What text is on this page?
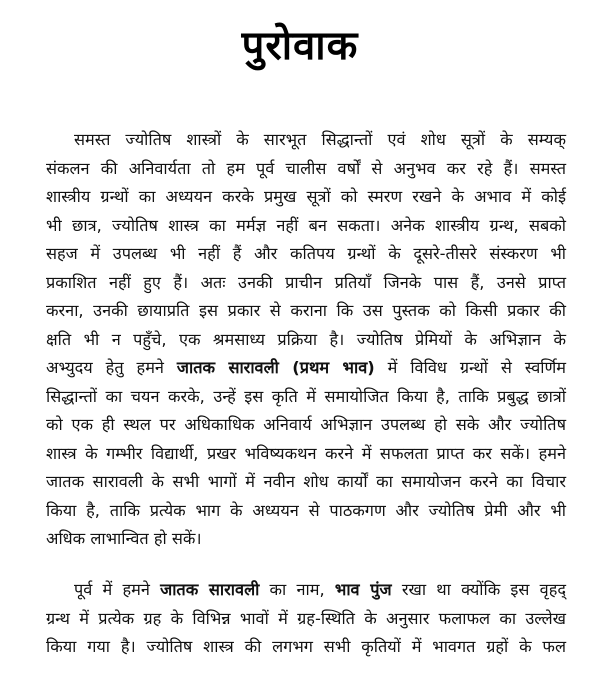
पुरोवाक
समस्त ज्योतिष शास्त्रों के सारभूत सिद्धान्तों एवं शोध सूत्रों के सम्यक्
संकलन की अनिवार्यता तो हम पूर्व चालीस वर्षों से अनुभव कर रहे हैं। समस्त
शास्त्रीय ग्रन्थों का अध्ययन करके प्रमुख सूत्रों को स्मरण रखने के अभाव में कोई
भी छात्र, ज्योतिष शास्त्र का मर्मज्ञ नहीं बन सकता। अनेक शास्त्रीय ग्रन्थ, सबको
सहज में उपलब्ध भी नहीं हैं और कतिपय ग्रन्थों के दूसरे-तीसरे संस्करण भी
प्रकाशित नहीं हुए हैं। अतः उनकी प्राचीन प्रतियाँ जिनके पास हैं, उनसे प्राप्त
करना, उनकी छायाप्रति इस प्रकार से कराना कि उस पुस्तक को किसी प्रकार की
क्षति भी न पहुँचे, एक श्रमसाध्य प्रक्रिया है। ज्योतिष प्रेमियों के अभिज्ञान के
अभ्युदय हेतु हमने जातक सारावली (प्रथम भाव) में विविध ग्रन्थों से स्वर्णिम
सिद्धान्तों का चयन करके, उन्हें इस कृति में समायोजित किया है, ताकि प्रबुद्ध छात्रों
को एक ही स्थल पर अधिकाधिक अनिवार्य अभिज्ञान उपलब्ध हो सके और ज्योतिष
शास्त्र के गम्भीर विद्यार्थी, प्रखर भविष्यकथन करने में सफलता प्राप्त कर सकें। हमने
जातक सारावली के सभी भागों में नवीन शोध कार्यों का समायोजन करने का विचार
किया है, ताकि प्रत्येक भाग के अध्ययन से पाठकगण और ज्योतिष प्रेमी और भी
अधिक लाभान्वित हो सकें।
पूर्व में हमने जातक सारावली का नाम, भाव पुंज रखा था क्योंकि इस वृहद्
ग्रन्थ में प्रत्येक ग्रह के विभिन्न भावों में ग्रह-स्थिति के अनुसार फलाफल का उल्लेख
किया गया है। ज्योतिष शास्त्र की लगभग सभी कृतियों में भावगत ग्रहों के फल
